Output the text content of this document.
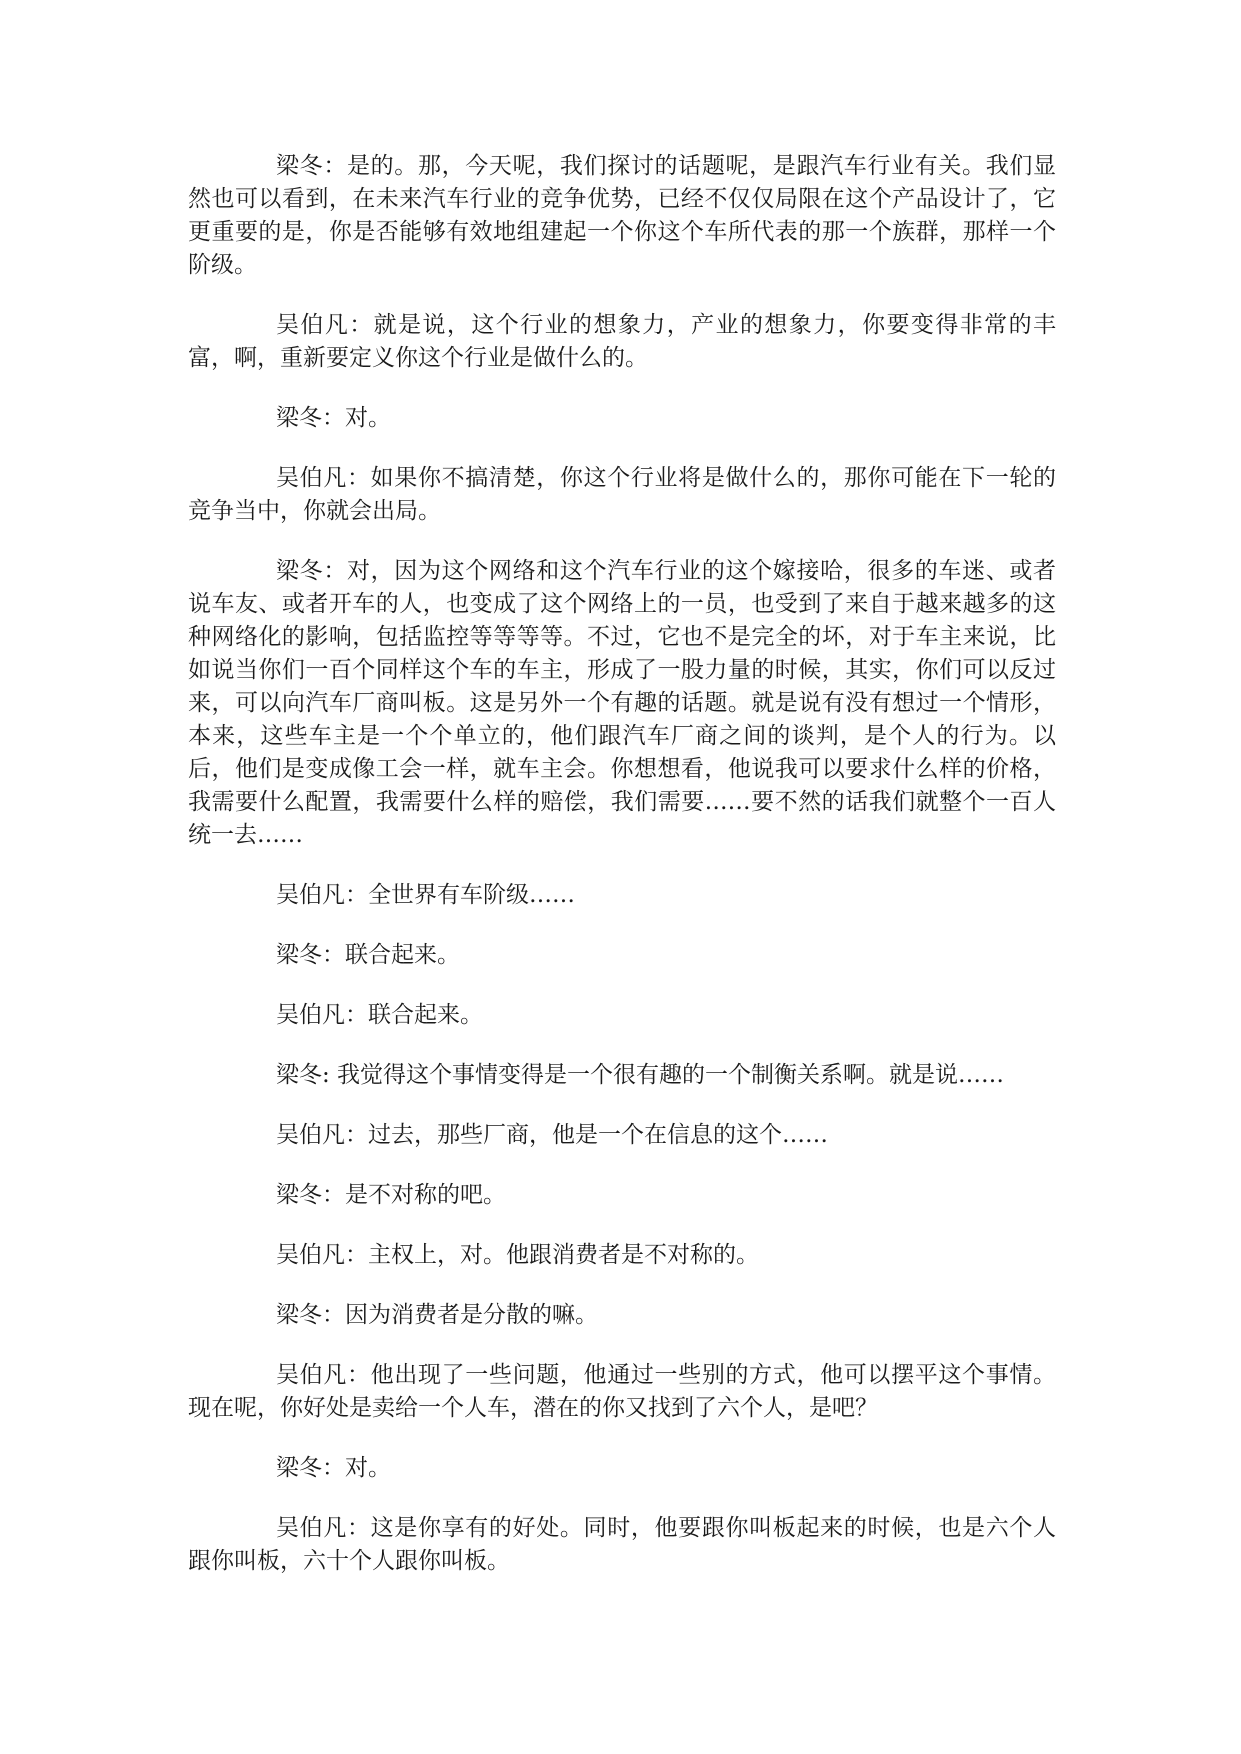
梁冬：是的。那，今天呢，我们探讨的话题呢，是跟汽车行业有关。我们显然也可以看到，在未来汽车行业的竞争优势，已经不仅仅局限在这个产品设计了，它更重要的是，你是否能够有效地组建起一个你这个车所代表的那一个族群，那样一个阶级。

吴伯凡：就是说，这个行业的想象力，产业的想象力，你要变得非常的丰富，啊，重新要定义你这个行业是做什么的。

梁冬：对。

吴伯凡：如果你不搞清楚，你这个行业将是做什么的，那你可能在下一轮的竞争当中，你就会出局。

梁冬：对，因为这个网络和这个汽车行业的这个嫁接哈，很多的车迷、或者说车友、或者开车的人，也变成了这个网络上的一员，也受到了来自于越来越多的这种网络化的影响，包括监控等等等等。不过，它也不是完全的坏，对于车主来说，比如说当你们一百个同样这个车的车主，形成了一股力量的时候，其实，你们可以反过来，可以向汽车厂商叫板。这是另外一个有趣的话题。就是说有没有想过一个情形，本来，这些车主是一个个单立的，他们跟汽车厂商之间的谈判，是个人的行为。以后，他们是变成像工会一样，就车主会。你想想看，他说我可以要求什么样的价格，我需要什么配置，我需要什么样的赔偿，我们需要……要不然的话我们就整个一百人统一去……

吴伯凡：全世界有车阶级……

梁冬：联合起来。

吴伯凡：联合起来。

梁冬: 我觉得这个事情变得是一个很有趣的一个制衡关系啊。就是说……

吴伯凡：过去，那些厂商，他是一个在信息的这个……

梁冬：是不对称的吧。

吴伯凡：主权上，对。他跟消费者是不对称的。

梁冬：因为消费者是分散的嘛。

吴伯凡：他出现了一些问题，他通过一些别的方式，他可以摆平这个事情。现在呢，你好处是卖给一个人车，潜在的你又找到了六个人，是吧？

梁冬：对。

吴伯凡：这是你享有的好处。同时，他要跟你叫板起来的时候，也是六个人跟你叫板，六十个人跟你叫板。
